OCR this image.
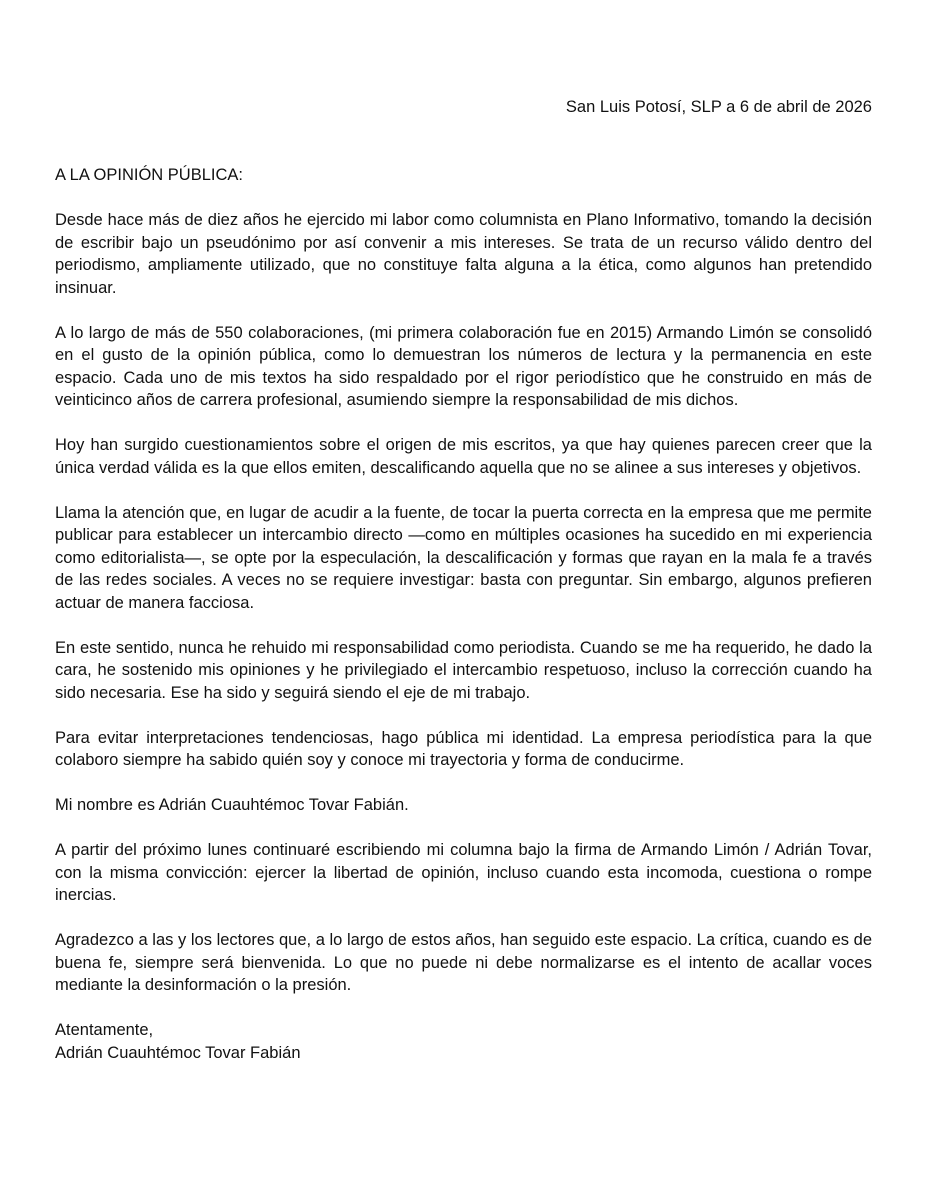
San Luis Potosí, SLP a 6 de abril de 2026

A LA OPINIÓN PÚBLICA:

Desde hace más de diez años he ejercido mi labor como columnista en Plano Informativo, tomando la decisión de escribir bajo un pseudónimo por así convenir a mis intereses. Se trata de un recurso válido dentro del periodismo, ampliamente utilizado, que no constituye falta alguna a la ética, como algunos han pretendido insinuar.

A lo largo de más de 550 colaboraciones, (mi primera colaboración fue en 2015) Armando Limón se consolidó en el gusto de la opinión pública, como lo demuestran los números de lectura y la permanencia en este espacio. Cada uno de mis textos ha sido respaldado por el rigor periodístico que he construido en más de veinticinco años de carrera profesional, asumiendo siempre la responsabilidad de mis dichos.

Hoy han surgido cuestionamientos sobre el origen de mis escritos, ya que hay quienes parecen creer que la única verdad válida es la que ellos emiten, descalificando aquella que no se alinee a sus intereses y objetivos.

Llama la atención que, en lugar de acudir a la fuente, de tocar la puerta correcta en la empresa que me permite publicar para establecer un intercambio directo —como en múltiples ocasiones ha sucedido en mi experiencia como editorialista—, se opte por la especulación, la descalificación y formas que rayan en la mala fe a través de las redes sociales. A veces no se requiere investigar: basta con preguntar. Sin embargo, algunos prefieren actuar de manera facciosa.

En este sentido, nunca he rehuido mi responsabilidad como periodista. Cuando se me ha requerido, he dado la cara, he sostenido mis opiniones y he privilegiado el intercambio respetuoso, incluso la corrección cuando ha sido necesaria. Ese ha sido y seguirá siendo el eje de mi trabajo.

Para evitar interpretaciones tendenciosas, hago pública mi identidad. La empresa periodística para la que colaboro siempre ha sabido quién soy y conoce mi trayectoria y forma de conducirme.

Mi nombre es Adrián Cuauhtémoc Tovar Fabián.

A partir del próximo lunes continuaré escribiendo mi columna bajo la firma de Armando Limón / Adrián Tovar, con la misma convicción: ejercer la libertad de opinión, incluso cuando esta incomoda, cuestiona o rompe inercias.

Agradezco a las y los lectores que, a lo largo de estos años, han seguido este espacio. La crítica, cuando es de buena fe, siempre será bienvenida. Lo que no puede ni debe normalizarse es el intento de acallar voces mediante la desinformación o la presión.

Atentamente,

Adrián Cuauhtémoc Tovar Fabián
